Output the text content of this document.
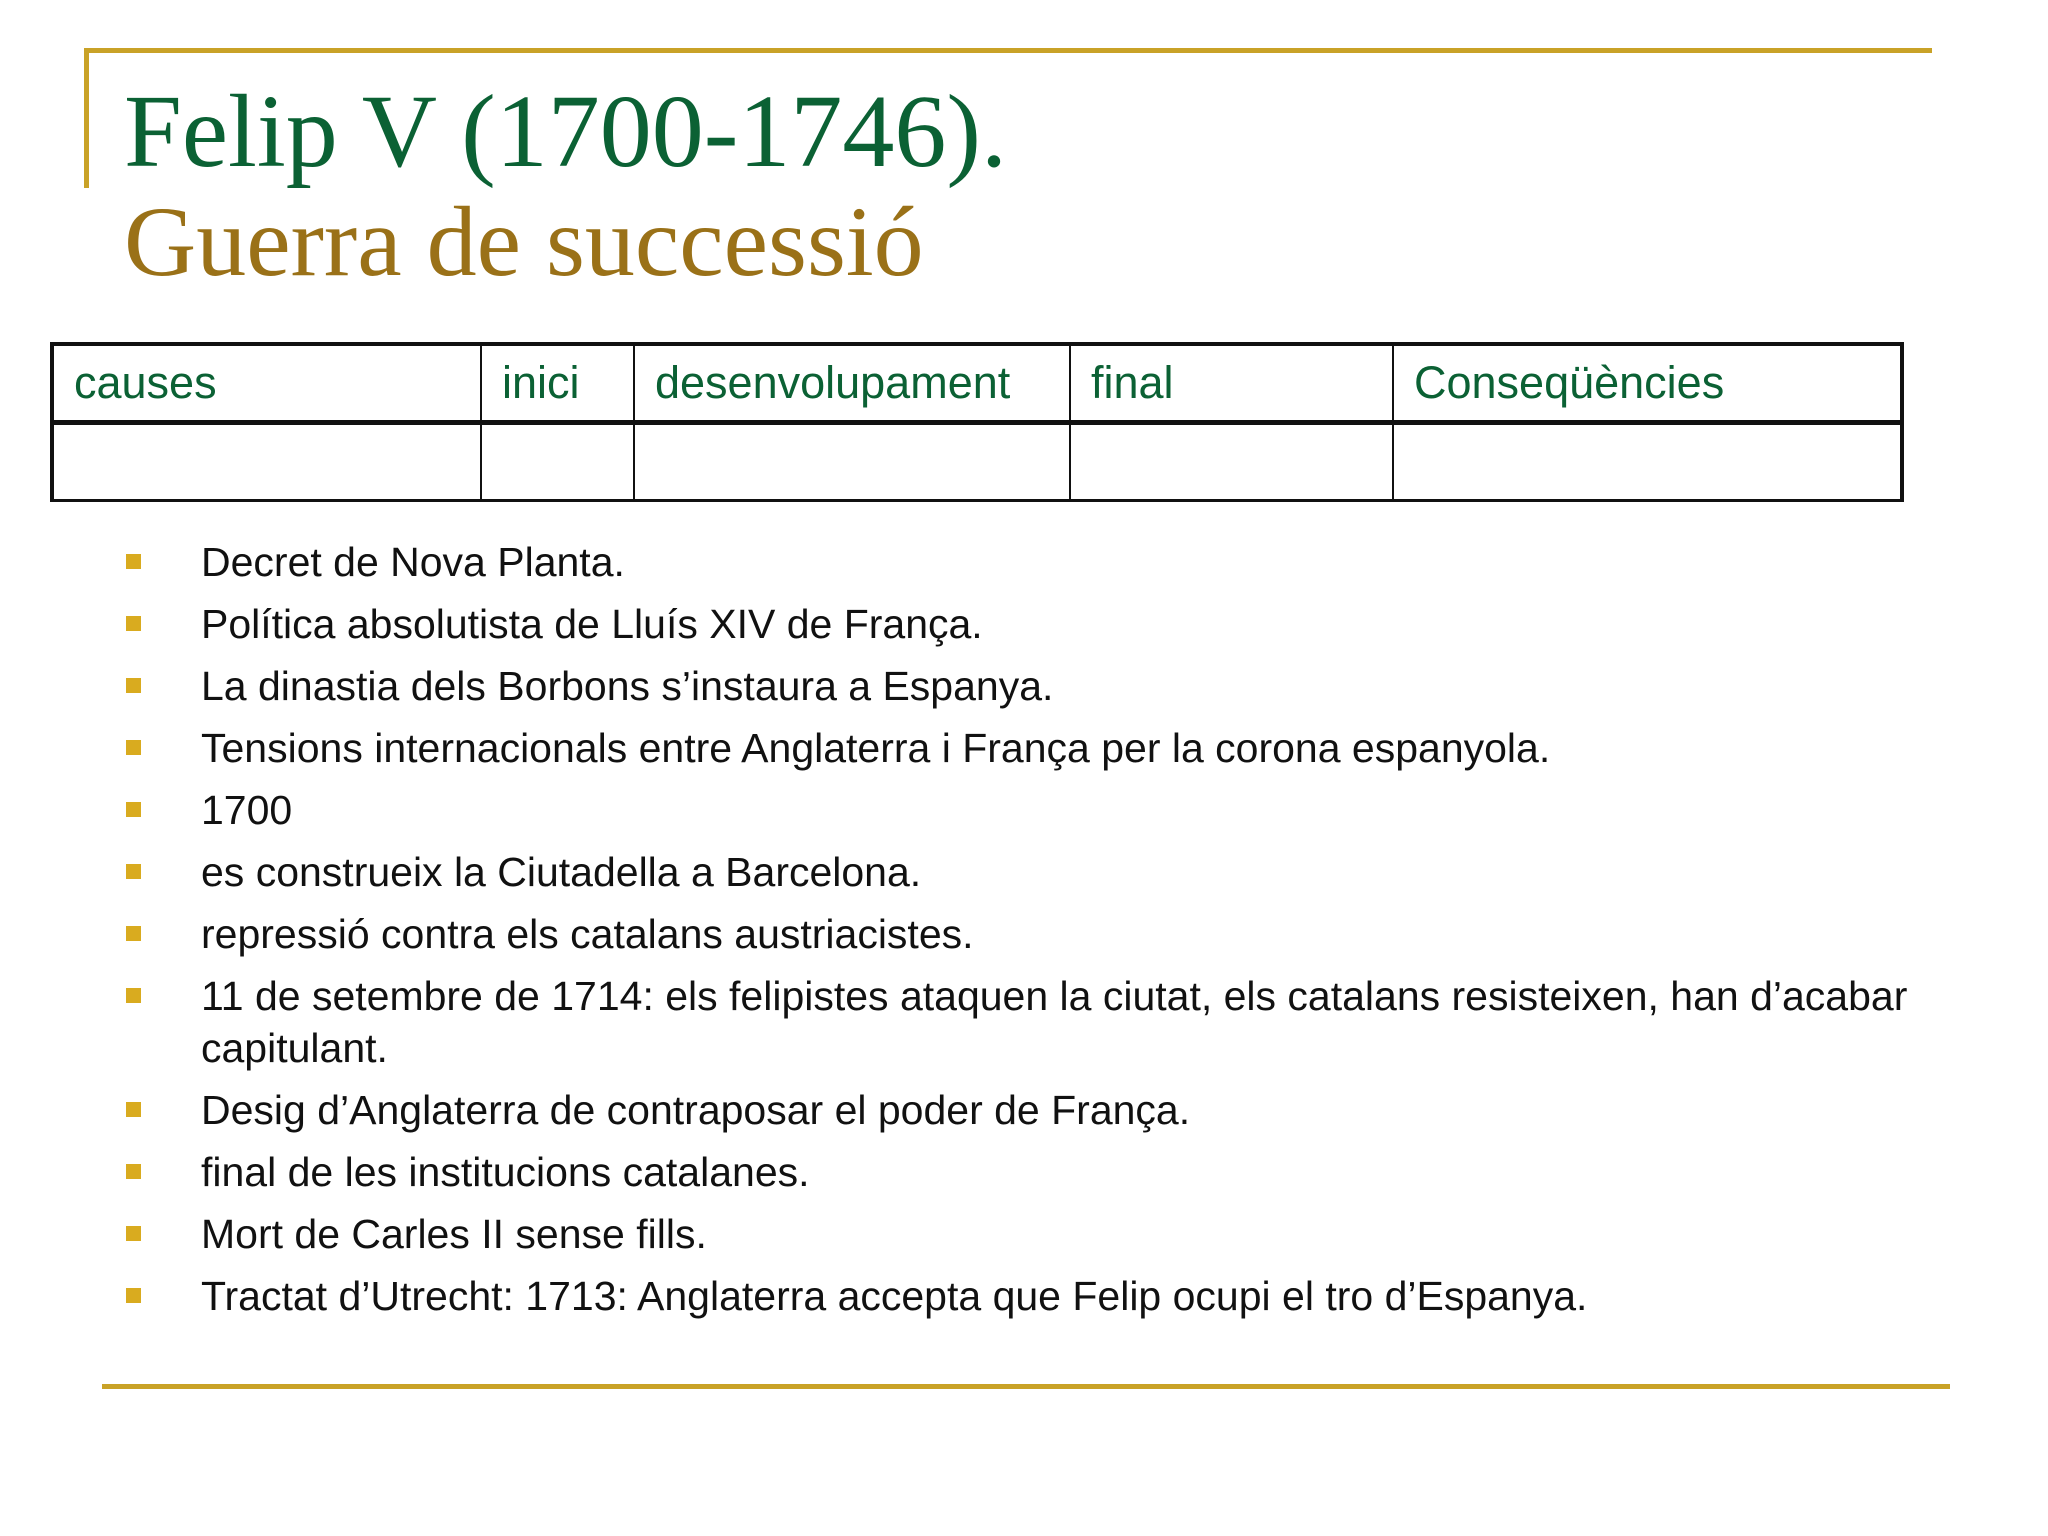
Felip V (1700-1746).
Guerra de successió
causes	inici	desenvolupament	final	Conseqüències

Decret de Nova Planta.
Política absolutista de Lluís XIV de França.
La dinastia dels Borbons s’instaura a Espanya.
Tensions internacionals entre Anglaterra i França per la corona espanyola.
1700
es construeix la Ciutadella a Barcelona.
repressió contra els catalans austriacistes.
11 de setembre de 1714: els felipistes ataquen la ciutat, els catalans resisteixen, han d’acabar capitulant.
Desig d’Anglaterra de contraposar el poder de França.
final de les institucions catalanes.
Mort de Carles II sense fills.
Tractat d’Utrecht: 1713: Anglaterra accepta que Felip ocupi el tro d’Espanya.
